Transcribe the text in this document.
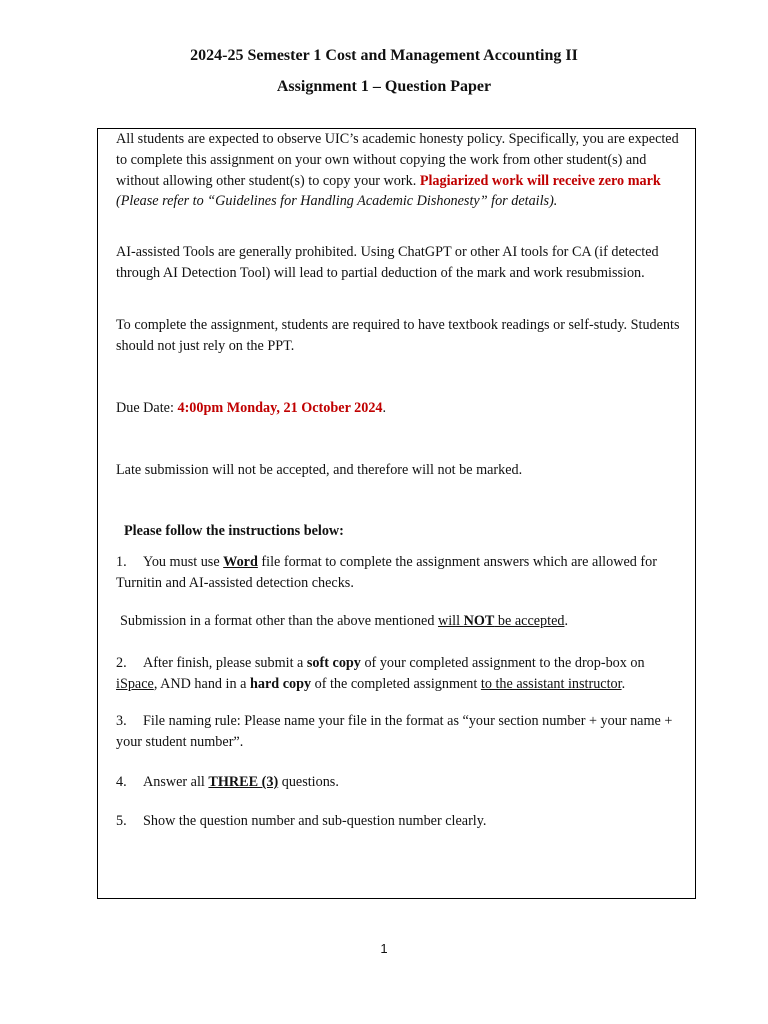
2024-25 Semester 1 Cost and Management Accounting II
Assignment 1 – Question Paper

All students are expected to observe UIC’s academic honesty policy. Specifically, you are expected to complete this assignment on your own without copying the work from other student(s) and without allowing other student(s) to copy your work. Plagiarized work will receive zero mark (Please refer to “Guidelines for Handling Academic Dishonesty” for details).

AI-assisted Tools are generally prohibited. Using ChatGPT or other AI tools for CA (if detected through AI Detection Tool) will lead to partial deduction of the mark and work resubmission.

To complete the assignment, students are required to have textbook readings or self-study. Students should not just rely on the PPT.

Due Date: 4:00pm Monday, 21 October 2024.

Late submission will not be accepted, and therefore will not be marked.

Please follow the instructions below:

1. You must use Word file format to complete the assignment answers which are allowed for Turnitin and AI-assisted detection checks.

Submission in a format other than the above mentioned will NOT be accepted.

2. After finish, please submit a soft copy of your completed assignment to the drop-box on iSpace, AND hand in a hard copy of the completed assignment to the assistant instructor.

3. File naming rule: Please name your file in the format as “your section number + your name + your student number”.

4. Answer all THREE (3) questions.

5. Show the question number and sub-question number clearly.

1
